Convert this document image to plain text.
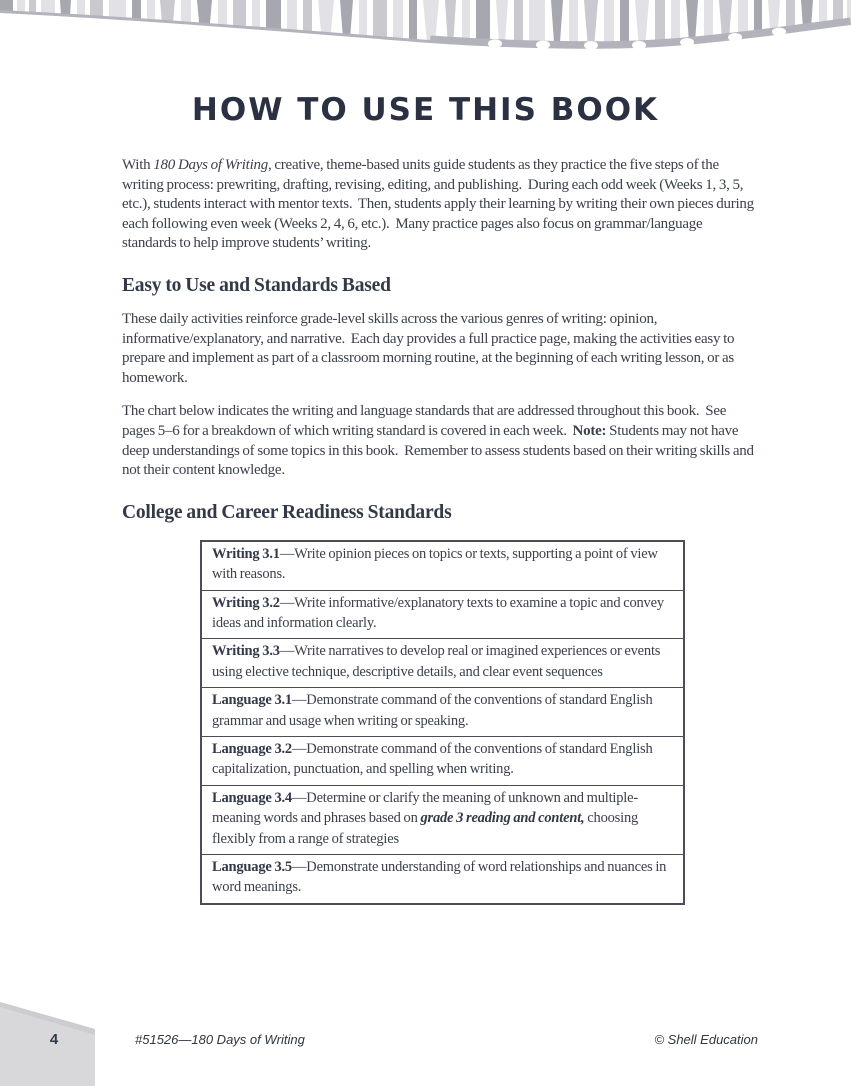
HOW TO USE THIS BOOK

With 180 Days of Writing, creative, theme-based units guide students as they practice the five steps of the writing process: prewriting, drafting, revising, editing, and publishing.  During each odd week (Weeks 1, 3, 5, etc.), students interact with mentor texts.  Then, students apply their learning by writing their own pieces during each following even week (Weeks 2, 4, 6, etc.).  Many practice pages also focus on grammar/language standards to help improve students’ writing.

Easy to Use and Standards Based

These daily activities reinforce grade-level skills across the various genres of writing: opinion, informative/explanatory, and narrative.  Each day provides a full practice page, making the activities easy to prepare and implement as part of a classroom morning routine, at the beginning of each writing lesson, or as homework.

The chart below indicates the writing and language standards that are addressed throughout this book.  See pages 5–6 for a breakdown of which writing standard is covered in each week.  Note: Students may not have deep understandings of some topics in this book.  Remember to assess students based on their writing skills and not their content knowledge.

College and Career Readiness Standards
Writing 3.1—Write opinion pieces on topics or texts, supporting a point of view with reasons.
Writing 3.2—Write informative/explanatory texts to examine a topic and convey ideas and information clearly.
Writing 3.3—Write narratives to develop real or imagined experiences or events using elective technique, descriptive details, and clear event sequences
Language 3.1—Demonstrate command of the conventions of standard English grammar and usage when writing or speaking.
Language 3.2—Demonstrate command of the conventions of standard English capitalization, punctuation, and spelling when writing.
Language 3.4—Determine or clarify the meaning of unknown and multiple-meaning words and phrases based on grade 3 reading and content, choosing flexibly from a range of strategies
Language 3.5—Demonstrate understanding of word relationships and nuances in word meanings.
4	#51526—180 Days of Writing	© Shell Education
